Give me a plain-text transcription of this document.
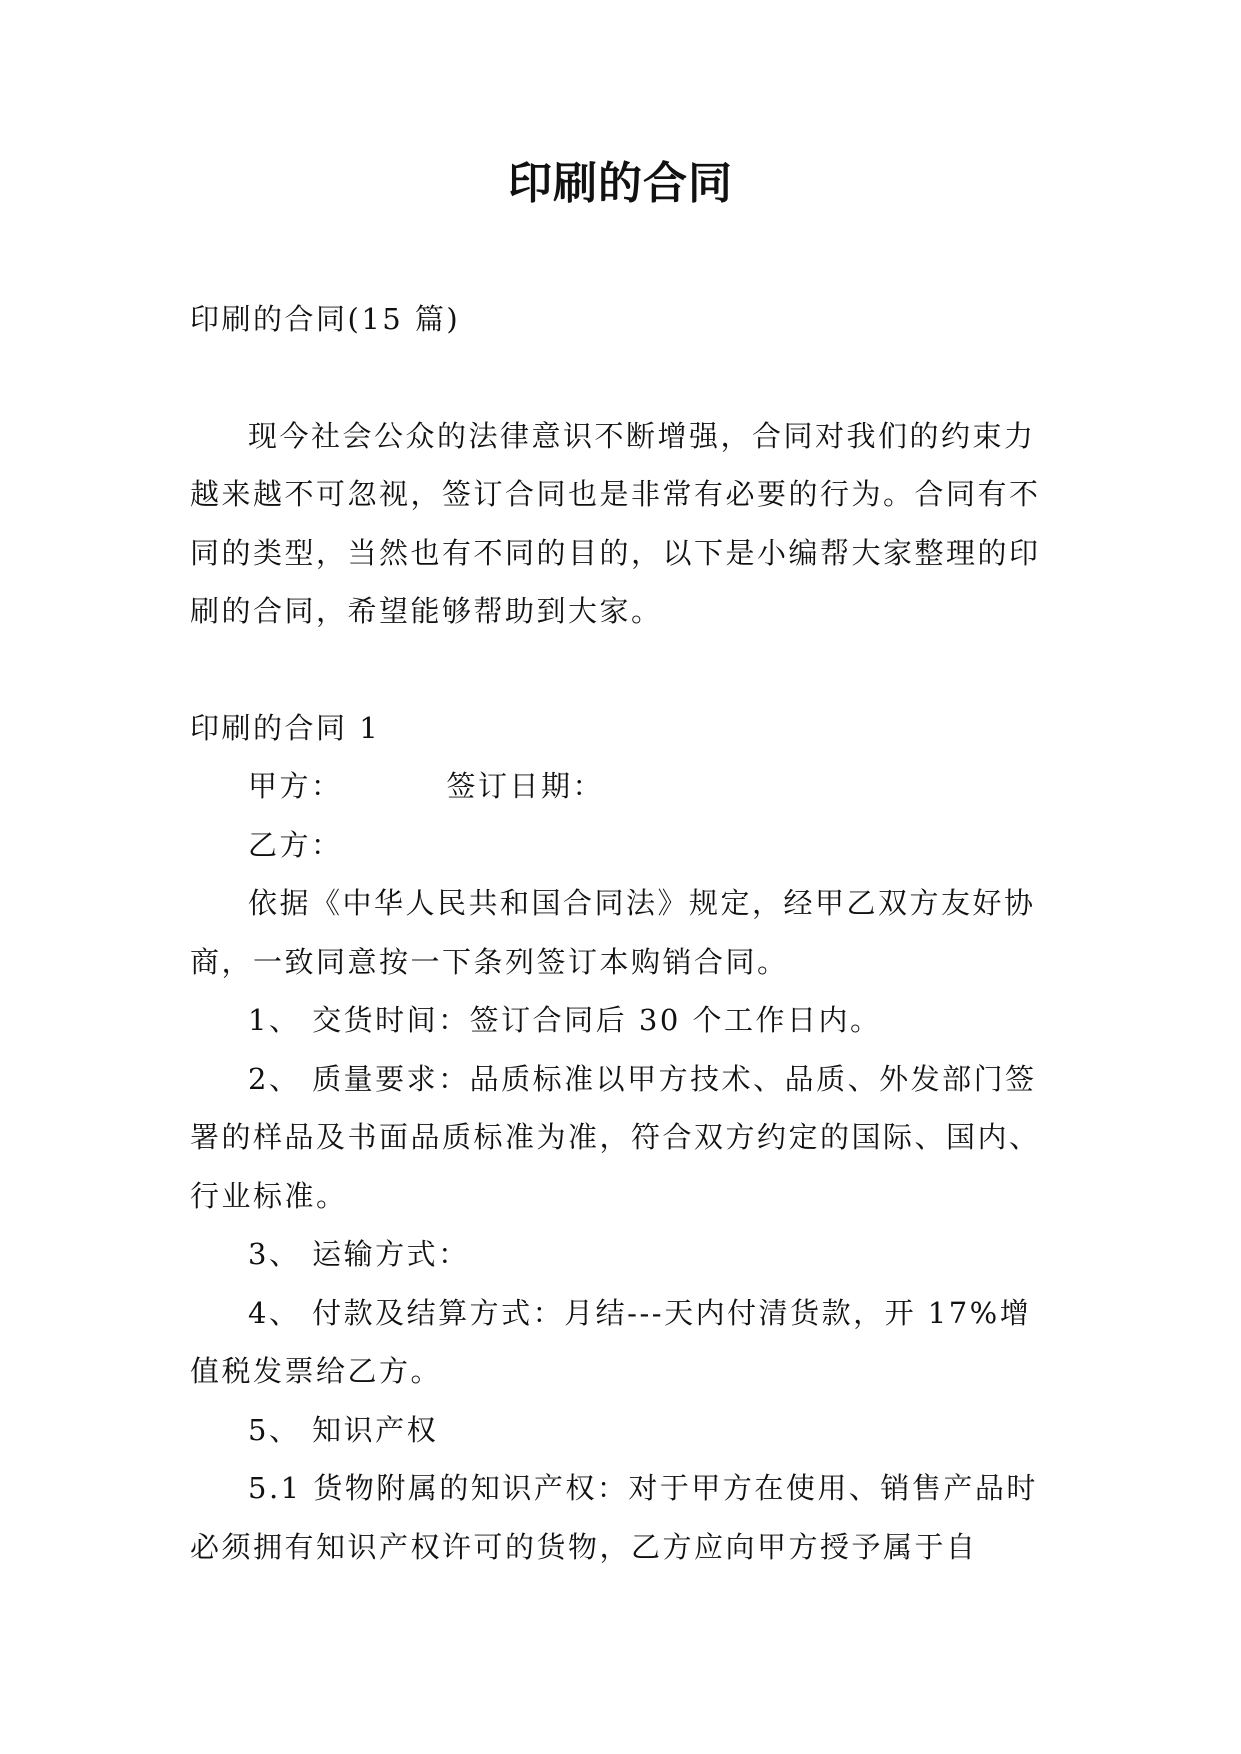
印刷的合同

印刷的合同(15 篇)

现今社会公众的法律意识不断增强，合同对我们的约束力越来越不可忽视，签订合同也是非常有必要的行为。合同有不同的类型，当然也有不同的目的，以下是小编帮大家整理的印刷的合同，希望能够帮助到大家。

印刷的合同 1

甲方：	签订日期：

乙方：

依据《中华人民共和国合同法》规定，经甲乙双方友好协商，一致同意按一下条列签订本购销合同。

1、 交货时间：签订合同后 30 个工作日内。

2、 质量要求：品质标准以甲方技术、品质、外发部门签署的样品及书面品质标准为准，符合双方约定的国际、国内、行业标准。

3、 运输方式：

4、 付款及结算方式：月结---天内付清货款，开 17%增值税发票给乙方。

5、 知识产权

5.1 货物附属的知识产权：对于甲方在使用、销售产品时必须拥有知识产权许可的货物，乙方应向甲方授予属于自
